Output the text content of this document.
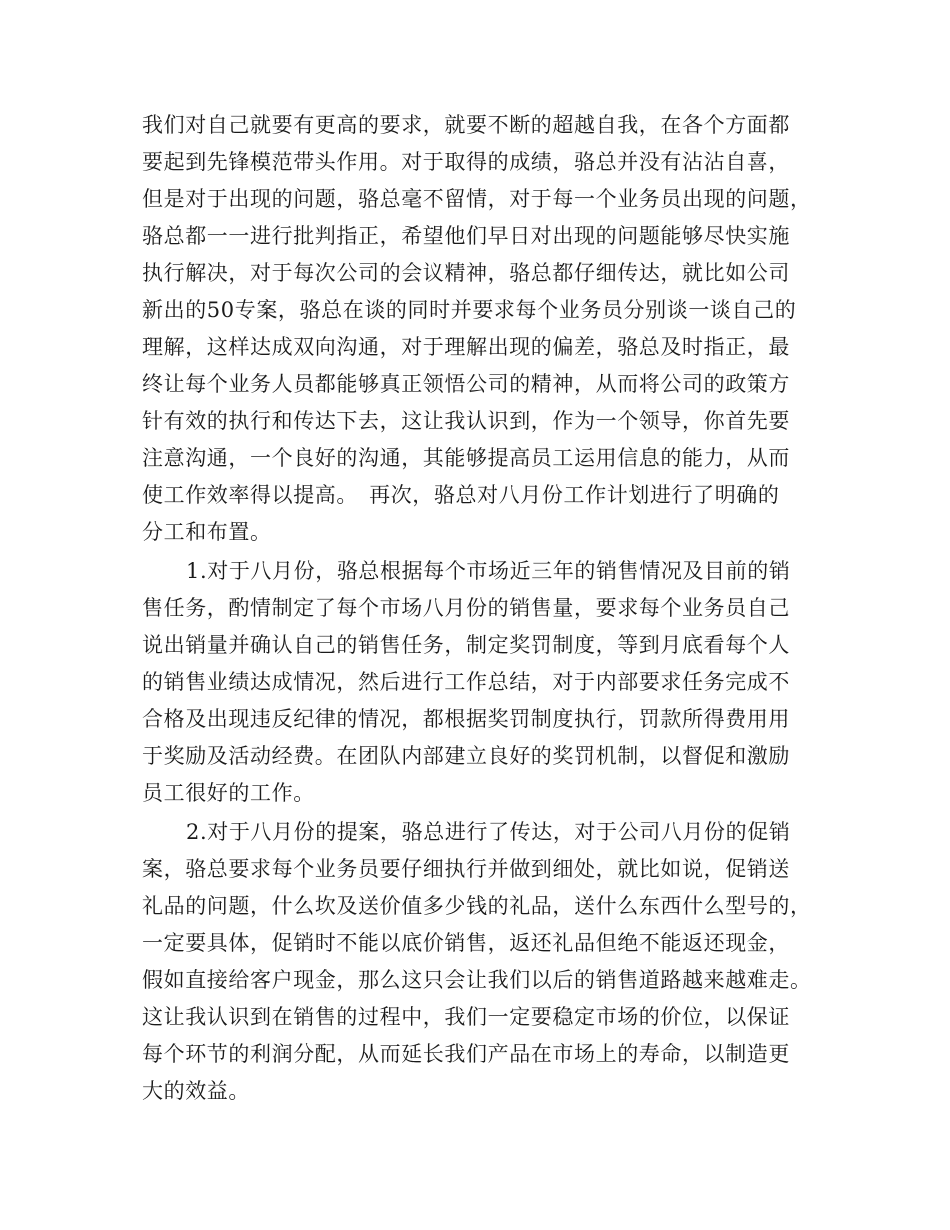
我们对自己就要有更高的要求，就要不断的超越自我，在各个方面都
要起到先锋模范带头作用。对于取得的成绩，骆总并没有沾沾自喜，
但是对于出现的问题，骆总毫不留情，对于每一个业务员出现的问题，
骆总都一一进行批判指正，希望他们早日对出现的问题能够尽快实施
执行解决，对于每次公司的会议精神，骆总都仔细传达，就比如公司
新出的50专案，骆总在谈的同时并要求每个业务员分别谈一谈自己的
理解，这样达成双向沟通，对于理解出现的偏差，骆总及时指正，最
终让每个业务人员都能够真正领悟公司的精神，从而将公司的政策方
针有效的执行和传达下去，这让我认识到，作为一个领导，你首先要
注意沟通，一个良好的沟通，其能够提高员工运用信息的能力，从而
使工作效率得以提高。　再次，骆总对八月份工作计划进行了明确的
分工和布置。
1.对于八月份，骆总根据每个市场近三年的销售情况及目前的销
售任务，酌情制定了每个市场八月份的销售量，要求每个业务员自己
说出销量并确认自己的销售任务，制定奖罚制度，等到月底看每个人
的销售业绩达成情况，然后进行工作总结，对于内部要求任务完成不
合格及出现违反纪律的情况，都根据奖罚制度执行，罚款所得费用用
于奖励及活动经费。在团队内部建立良好的奖罚机制，以督促和激励
员工很好的工作。
2.对于八月份的提案，骆总进行了传达，对于公司八月份的促销
案，骆总要求每个业务员要仔细执行并做到细处，就比如说，促销送
礼品的问题，什么坎及送价值多少钱的礼品，送什么东西什么型号的，
一定要具体，促销时不能以底价销售，返还礼品但绝不能返还现金，
假如直接给客户现金，那么这只会让我们以后的销售道路越来越难走。
这让我认识到在销售的过程中，我们一定要稳定市场的价位，以保证
每个环节的利润分配，从而延长我们产品在市场上的寿命，以制造更
大的效益。
